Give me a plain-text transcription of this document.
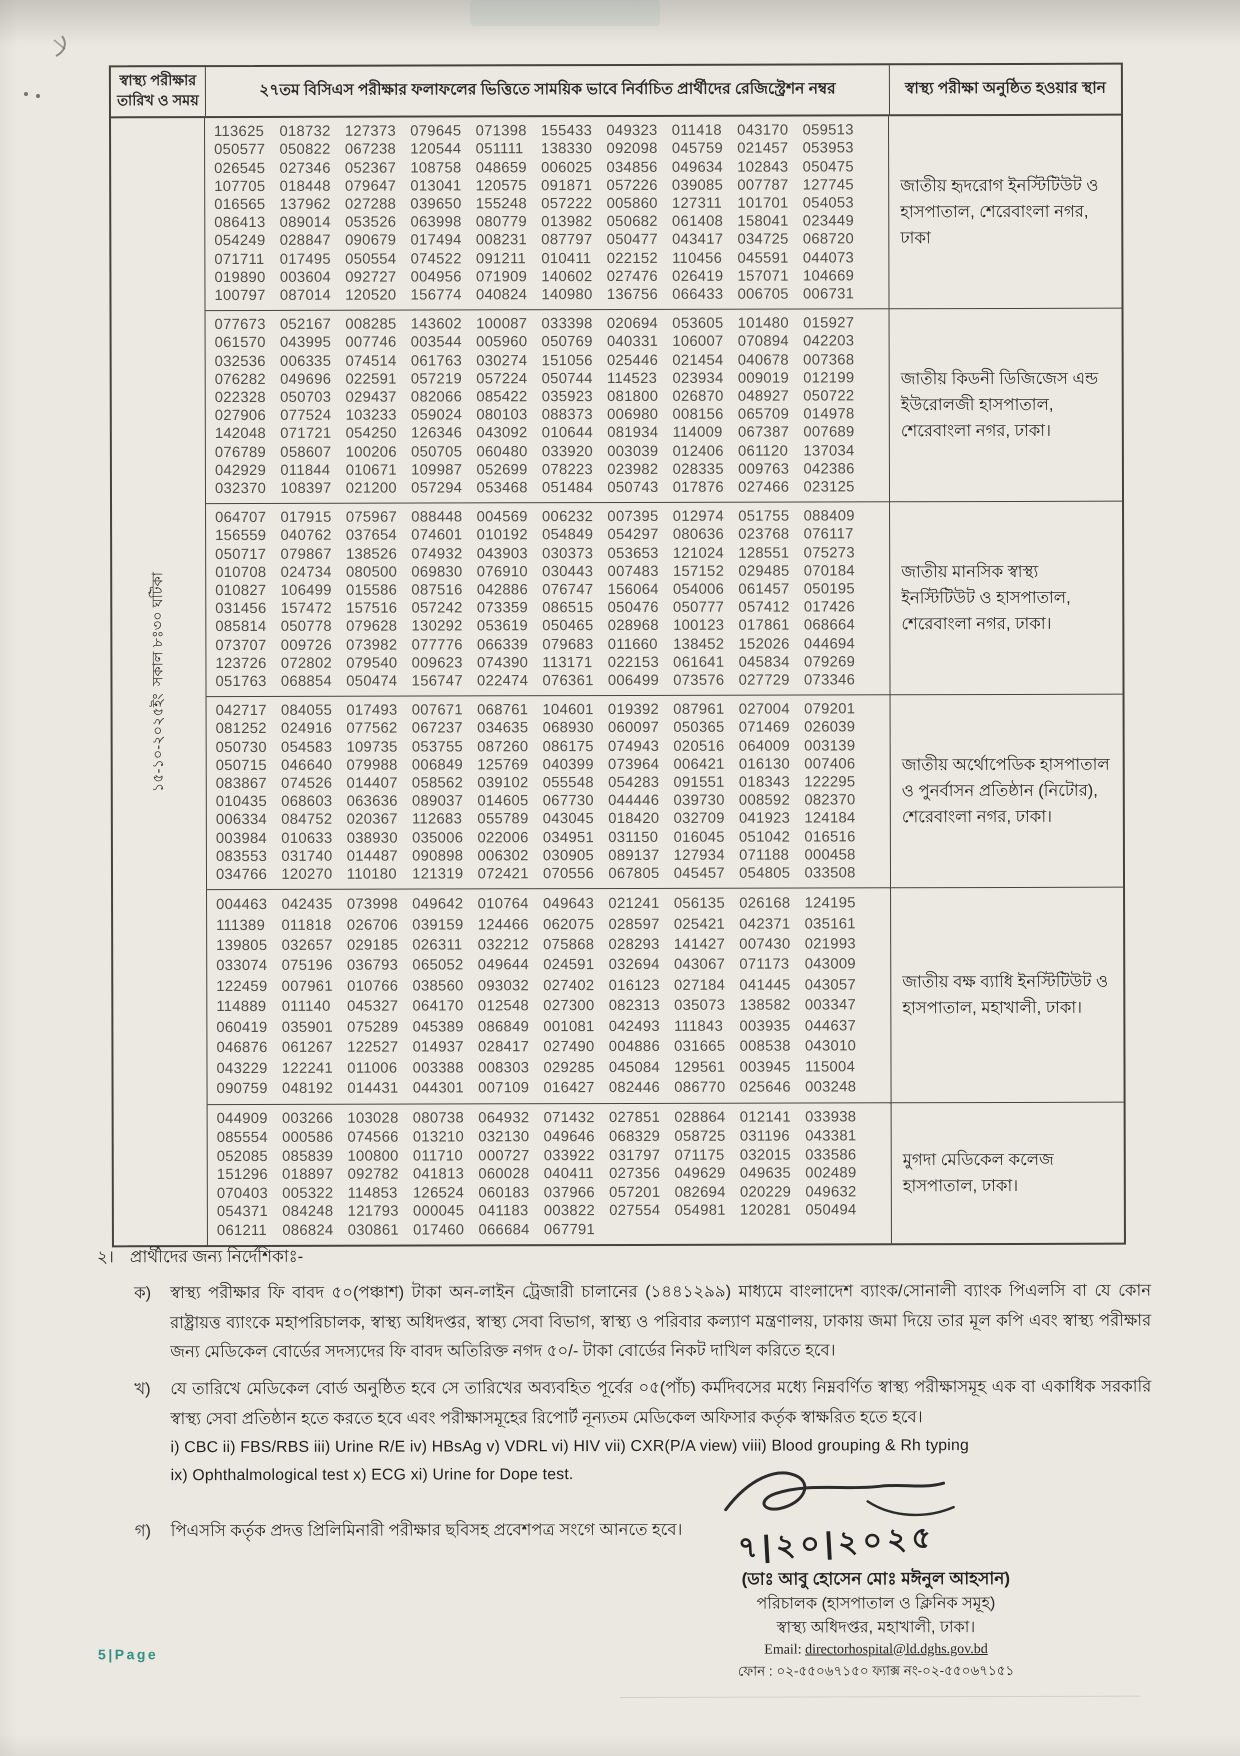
স্বাস্থ্য পরীক্ষার তারিখ ও সময়
২৭তম বিসিএস পরীক্ষার ফলাফলের ভিত্তিতে সাময়িক ভাবে নির্বাচিত প্রার্থীদের রেজিস্ট্রেশন নম্বর	স্বাস্থ্য পরীক্ষা অনুষ্ঠিত হওয়ার স্থান
১৫-১০-২০২৫ইং
সকাল ৮ঃ৩০ ঘটিকা
113625 018732 127373 079645 071398 155433 049323 011418 043170 059513
050577 050822 067238 120544 051111 138330 092098 045759 021457 053953
026545 027346 052367 108758 048659 006025 034856 049634 102843 050475
107705 018448 079647 013041 120575 091871 057226 039085 007787 127745
016565 137962 027288 039650 155248 057222 005860 127311 101701 054053
086413 089014 053526 063998 080779 013982 050682 061408 158041 023449
054249 028847 090679 017494 008231 087797 050477 043417 034725 068720
071711 017495 050554 074522 091211 010411 022152 110456 045591 044073
019890 003604 092727 004956 071909 140602 027476 026419 157071 104669
100797 087014 120520 156774 040824 140980 136756 066433 006705 006731
জাতীয় হৃদরোগ ইনস্টিটিউট ও হাসপাতাল, শেরেবাংলা নগর, ঢাকা
077673 052167 008285 143602 100087 033398 020694 053605 101480 015927
061570 043995 007746 003544 005960 050769 040331 106007 070894 042203
032536 006335 074514 061763 030274 151056 025446 021454 040678 007368
076282 049696 022591 057219 057224 050744 114523 023934 009019 012199
022328 050703 029437 082066 085422 035923 081800 026870 048927 050722
027906 077524 103233 059024 080103 088373 006980 008156 065709 014978
142048 071721 054250 126346 043092 010644 081934 114009 067387 007689
076789 058607 100206 050705 060480 033920 003039 012406 061120 137034
042929 011844 010671 109987 052699 078223 023982 028335 009763 042386
032370 108397 021200 057294 053468 051484 050743 017876 027466 023125
জাতীয় কিডনী ডিজিজেস এন্ড ইউরোলজী হাসপাতাল, শেরেবাংলা নগর, ঢাকা।
064707 017915 075967 088448 004569 006232 007395 012974 051755 088409
156559 040762 037654 074601 010192 054849 054297 080636 023768 076117
050717 079867 138526 074932 043903 030373 053653 121024 128551 075273
010708 024734 080500 069830 076910 030443 007483 157152 029485 070184
010827 106499 015586 087516 042886 076747 156064 054006 061457 050195
031456 157472 157516 057242 073359 086515 050476 050777 057412 017426
085814 050778 079628 130292 053619 050465 028968 100123 017861 068664
073707 009726 073982 077776 066339 079683 011660 138452 152026 044694
123726 072802 079540 009623 074390 113171 022153 061641 045834 079269
051763 068854 050474 156747 022474 076361 006499 073576 027729 073346
জাতীয় মানসিক স্বাস্থ্য ইনস্টিটিউট ও হাসপাতাল, শেরেবাংলা নগর, ঢাকা।
042717 084055 017493 007671 068761 104601 019392 087961 027004 079201
081252 024916 077562 067237 034635 068930 060097 050365 071469 026039
050730 054583 109735 053755 087260 086175 074943 020516 064009 003139
050715 046640 079988 006849 125769 040399 073964 006421 016130 007406
083867 074526 014407 058562 039102 055548 054283 091551 018343 122295
010435 068603 063636 089037 014605 067730 044446 039730 008592 082370
006334 084752 020367 112683 055789 043045 018420 032709 041923 124184
003984 010633 038930 035006 022006 034951 031150 016045 051042 016516
083553 031740 014487 090898 006302 030905 089137 127934 071188 000458
034766 120270 110180 121319 072421 070556 067805 045457 054805 033508
জাতীয় অর্থোপেডিক হাসপাতাল ও পুনর্বাসন প্রতিষ্ঠান (নিটোর), শেরেবাংলা নগর, ঢাকা।
004463 042435 073998 049642 010764 049643 021241 056135 026168 124195
111389 011818 026706 039159 124466 062075 028597 025421 042371 035161
139805 032657 029185 026311 032212 075868 028293 141427 007430 021993
033074 075196 036793 065052 049644 024591 032694 043067 071173 043009
122459 007961 010766 038560 093032 027402 016123 027184 041445 043057
114889 011140 045327 064170 012548 027300 082313 035073 138582 003347
060419 035901 075289 045389 086849 001081 042493 111843 003935 044637
046876 061267 122527 014937 028417 027490 004886 031665 008538 043010
043229 122241 011006 003388 008303 029285 045084 129561 003945 115004
090759 048192 014431 044301 007109 016427 082446 086770 025646 003248
জাতীয় বক্ষ ব্যাধি ইনস্টিটিউট ও হাসপাতাল, মহাখালী, ঢাকা।
044909 003266 103028 080738 064932 071432 027851 028864 012141 033938
085554 000586 074566 013210 032130 049646 068329 058725 031196 043381
052085 085839 100800 011710 000727 033922 031797 071175 032015 033586
151296 018897 092782 041813 060028 040411 027356 049629 049635 002489
070403 005322 114853 126524 060183 037966 057201 082694 020229 049632
054371 084248 121793 000045 041183 003822 027554 054981 120281 050494
061211 086824 030861 017460 066684 067791
মুগদা মেডিকেল কলেজ হাসপাতাল, ঢাকা।
২। প্রার্থীদের জন্য নির্দেশিকাঃ-
ক)	স্বাস্থ্য পরীক্ষার ফি বাবদ ৫০(পঞ্চাশ) টাকা অন-লাইন ট্রেজারী চালানের (১৪৪১২৯৯) মাধ্যমে বাংলাদেশ ব্যাংক/সোনালী ব্যাংক পিএলসি বা যে কোন রাষ্ট্রায়ত্ত ব্যাংকে মহাপরিচালক, স্বাস্থ্য অধিদপ্তর, স্বাস্থ্য সেবা বিভাগ, স্বাস্থ্য ও পরিবার কল্যাণ মন্ত্রণালয়, ঢাকায় জমা দিয়ে তার মূল কপি এবং স্বাস্থ্য পরীক্ষার জন্য মেডিকেল বোর্ডের সদস্যদের ফি বাবদ অতিরিক্ত নগদ ৫০/- টাকা বোর্ডের নিকট দাখিল করিতে হবে।
খ)	যে তারিখে মেডিকেল বোর্ড অনুষ্ঠিত হবে সে তারিখের অব্যবহিত পূর্বের ০৫(পাঁচ) কর্মদিবসের মধ্যে নিম্নবর্ণিত স্বাস্থ্য পরীক্ষাসমূহ এক বা একাধিক সরকারি স্বাস্থ্য সেবা প্রতিষ্ঠান হতে করতে হবে এবং পরীক্ষাসমূহের রিপোর্ট নূন্যতম মেডিকেল অফিসার কর্তৃক স্বাক্ষরিত হতে হবে।
i) CBC ii) FBS/RBS iii) Urine R/E iv) HBsAg v) VDRL vi) HIV vii) CXR(P/A view) viii) Blood grouping & Rh typing
ix) Ophthalmological test x) ECG xi) Urine for Dope test.
গ)	পিএসসি কর্তৃক প্রদত্ত প্রিলিমিনারী পরীক্ষার ছবিসহ প্রবেশপত্র সংগে আনতে হবে।	৭|২০|২০২৫
(ডাঃ আবু হোসেন মোঃ মঈনুল আহসান)
পরিচালক (হাসপাতাল ও ক্লিনিক সমূহ)
স্বাস্থ্য অধিদপ্তর, মহাখালী, ঢাকা।
Email: directorhospital@ld.dghs.gov.bd
ফোন : ০২-৫৫০৬৭১৫০ ফ্যাক্স নং-০২-৫৫০৬৭১৫১
5|Page
